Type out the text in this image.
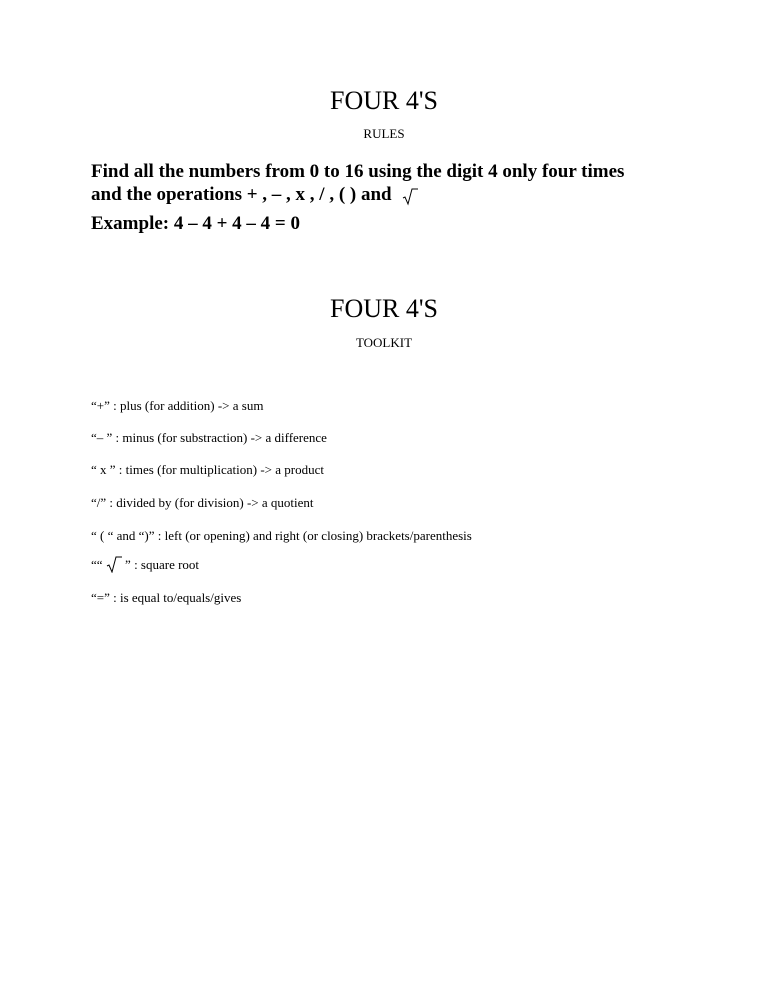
FOUR 4'S
RULES
Find all the numbers from 0 to 16 using the digit 4 only four times
and the operations + , – , x , / , ( ) and
Example: 4 – 4 + 4 – 4 = 0
FOUR 4'S
TOOLKIT
“+” : plus (for addition) -> a sum
“– ” : minus (for substraction) -> a difference
“ x ” : times (for multiplication) -> a product
“/” : divided by (for division) -> a quotient
“ ( “ and “)” : left (or opening) and right (or closing) brackets/parenthesis
““
” : square root
“=” : is equal to/equals/gives
